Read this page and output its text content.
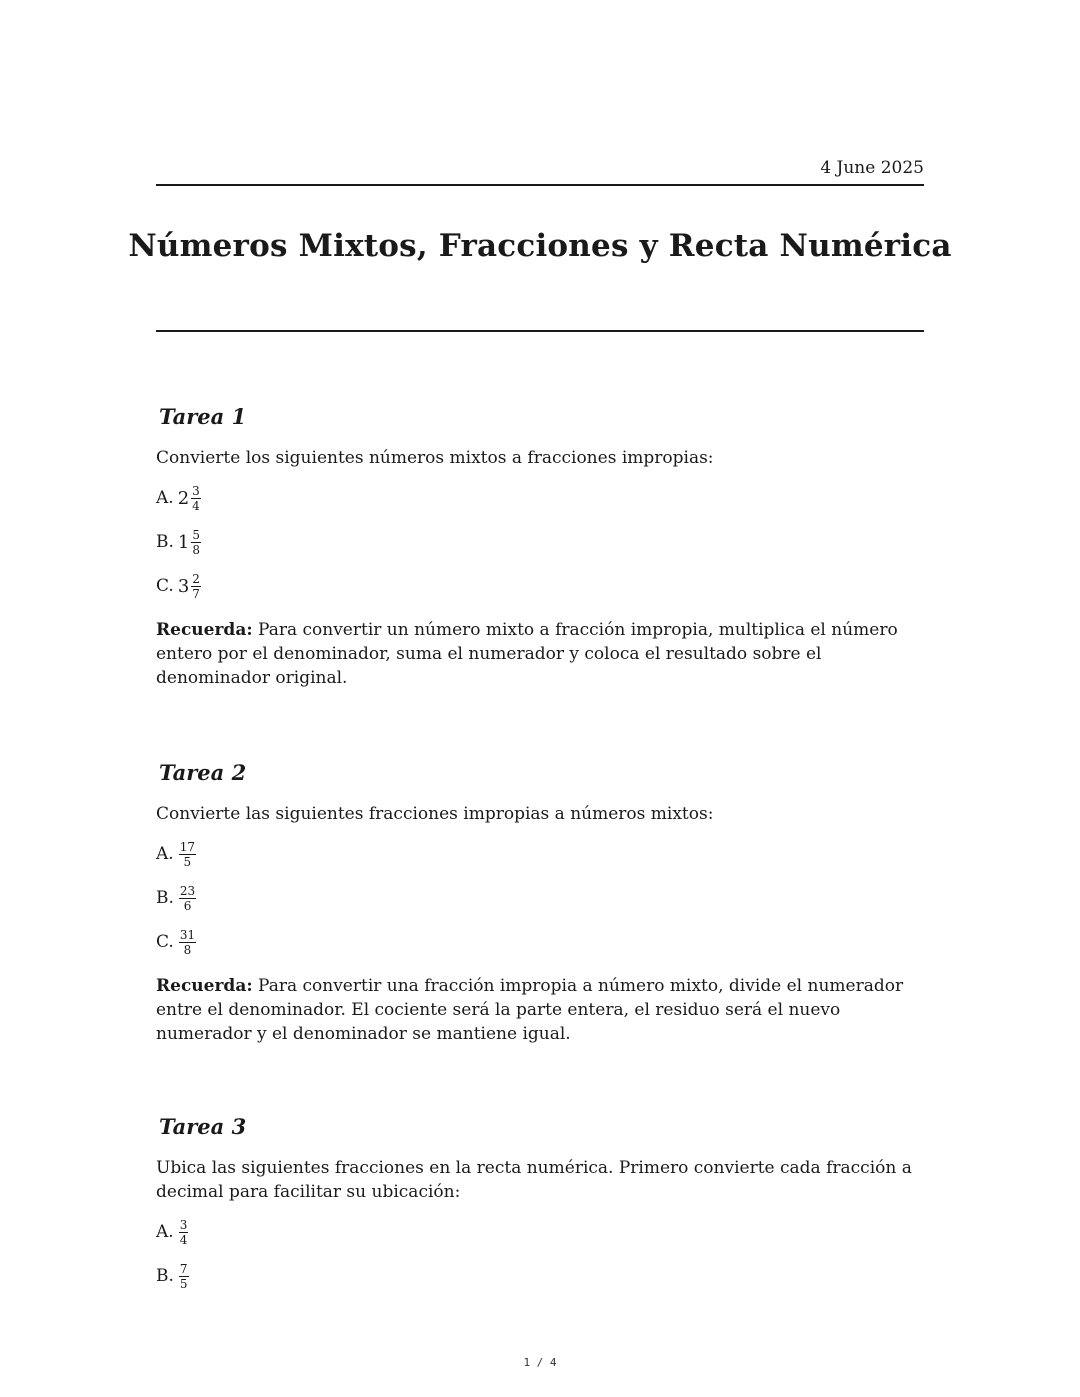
4 June 2025
Números Mixtos, Fracciones y Recta Numérica
Tarea 1
Convierte los siguientes números mixtos a fracciones impropias:
A. $2 \frac{3}{4}$
B. $1 \frac{5}{8}$
C. $3 \frac{2}{7}$
Recuerda: Para convertir un número mixto a fracción impropia, multiplica el número entero por el denominador, suma el numerador y coloca el resultado sobre el denominador original.
Tarea 2
Convierte las siguientes fracciones impropias a números mixtos:
A. $\frac{17}{5}$
B. $\frac{23}{6}$
C. $\frac{31}{8}$
Recuerda: Para convertir una fracción impropia a número mixto, divide el numerador entre el denominador. El cociente será la parte entera, el residuo será el nuevo numerador y el denominador se mantiene igual.
Tarea 3
Ubica las siguientes fracciones en la recta numérica. Primero convierte cada fracción a decimal para facilitar su ubicación:
A. $\frac{3}{4}$
B. $\frac{7}{5}$
1 / 4
